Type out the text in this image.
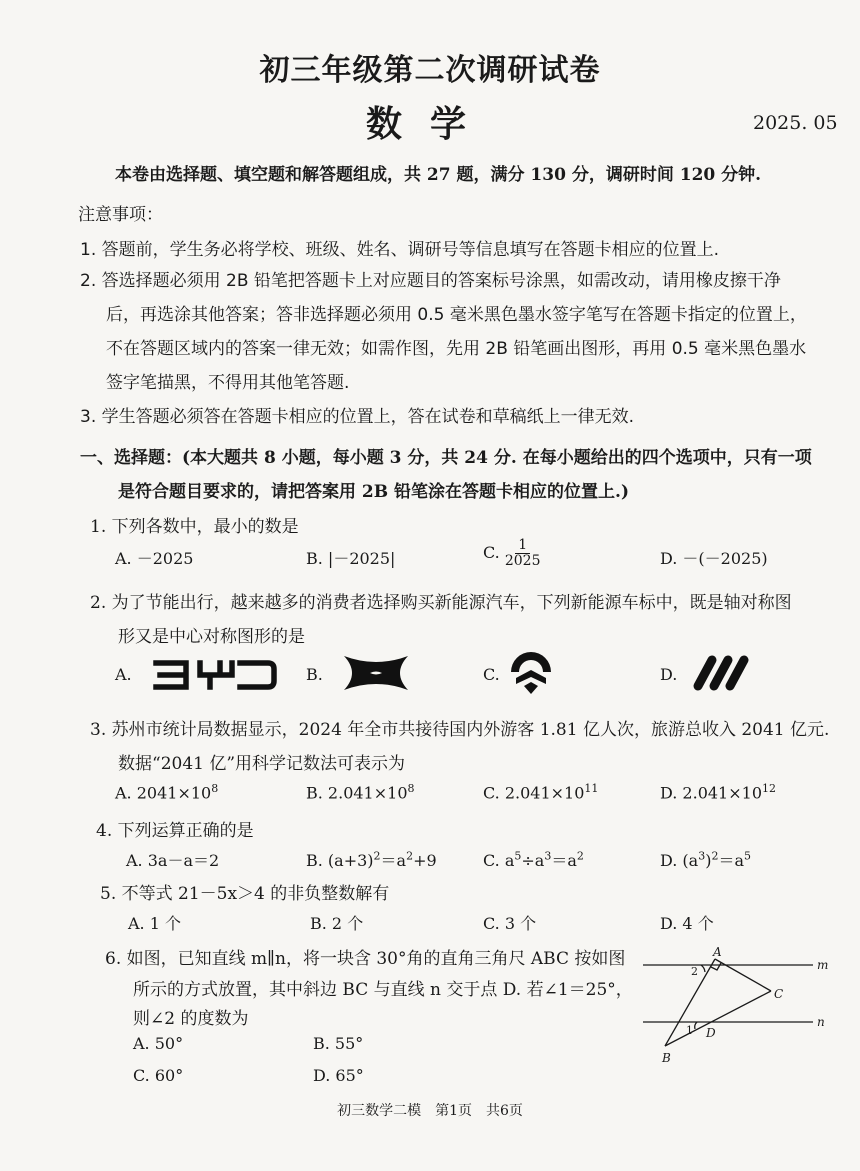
初三年级第二次调研试卷
数学	2025. 05
本卷由选择题、填空题和解答题组成，共 27 题，满分 130 分，调研时间 120 分钟.
注意事项：
1. 答题前，学生务必将学校、班级、姓名、调研号等信息填写在答题卡相应的位置上.
2. 答选择题必须用 2B 铅笔把答题卡上对应题目的答案标号涂黑，如需改动，请用橡皮擦干净
后，再选涂其他答案；答非选择题必须用 0.5 毫米黑色墨水签字笔写在答题卡指定的位置上，
不在答题区域内的答案一律无效；如需作图，先用 2B 铅笔画出图形，再用 0.5 毫米黑色墨水
签字笔描黑，不得用其他笔答题.
3. 学生答题必须答在答题卡相应的位置上，答在试卷和草稿纸上一律无效.
一、选择题：(本大题共 8 小题，每小题 3 分，共 24 分. 在每小题给出的四个选项中，只有一项
是符合题目要求的，请把答案用 2B 铅笔涂在答题卡相应的位置上.)
1. 下列各数中，最小的数是
A. －2025	B. |－2025|	C. $\frac{1}{2025}$	D. －(－2025)
2. 为了节能出行，越来越多的消费者选择购买新能源汽车，下列新能源车标中，既是轴对称图
形又是中心对称图形的是
A.	B.	C.	D.
3. 苏州市统计局数据显示，2024 年全市共接待国内外游客 1.81 亿人次，旅游总收入 2041 亿元.
数据“2041 亿”用科学记数法可表示为
A. $2041\times 10^8$	B. $2.041\times 10^8$	C. $2.041\times 10^{11}$	D. $2.041\times 10^{12}$
4. 下列运算正确的是
A. 3a－a＝2	B. $(a+3)^2=a^2+9$	C. $a^5\div a^3=a^2$	D. $(a^3)^2=a^5$
5. 不等式 21－5x＞4 的非负整数解有
A. 1 个	B. 2 个	C. 3 个	D. 4 个
6. 如图，已知直线 m∥n，将一块含 30°角的直角三角尺 ABC 按如图
所示的方式放置，其中斜边 BC 与直线 n 交于点 D. 若∠1＝25°，
则∠2 的度数为
A. 50°	B. 55°
C. 60°	D. 65°
A
B
C
D
m
n
1
2
初三数学二模　第1页　共6页
